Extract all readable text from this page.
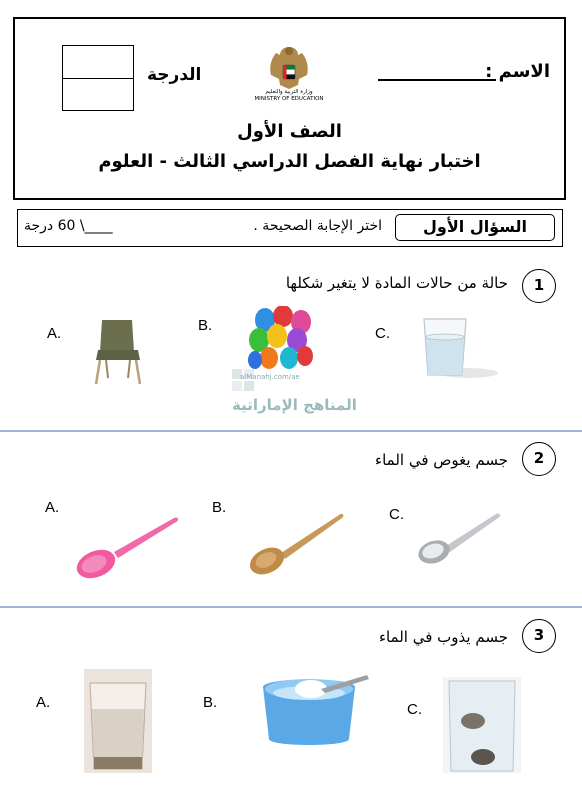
الدرجة
وزارة التربية والتعليم
MINISTRY OF EDUCATION
الاسم :
الصف الأول
اختبار نهاية الفصل الدراسي الثالث - العلوم
السؤال الأول
اختر الإجابة الصحيحة .
____\ 60 درجة
alManahj.com/ae
المناهج الإماراتية
1
حالة من حالات المادة لا يتغير شكلها
A.	B.	C.
2
جسم يغوص في الماء
A.	B.	C.
3
جسم يذوب في الماء
A.	B.	C.
